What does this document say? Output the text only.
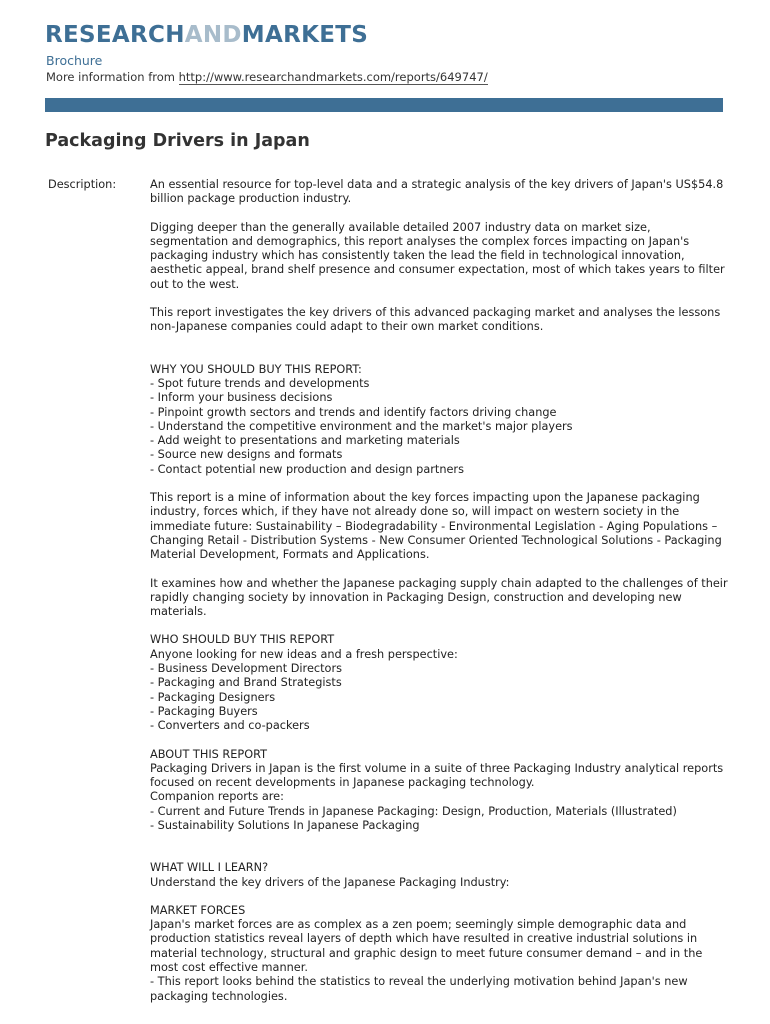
RESEARCHANDMARKETS
Brochure
More information from http://www.researchandmarkets.com/reports/649747/
Packaging Drivers in Japan
Description:	An essential resource for top-level data and a strategic analysis of the key drivers of Japan's US$54.8 billion package production industry.

Digging deeper than the generally available detailed 2007 industry data on market size, segmentation and demographics, this report analyses the complex forces impacting on Japan's packaging industry which has consistently taken the lead the field in technological innovation, aesthetic appeal, brand shelf presence and consumer expectation, most of which takes years to filter out to the west.

This report investigates the key drivers of this advanced packaging market and analyses the lessons non-Japanese companies could adapt to their own market conditions.

WHY YOU SHOULD BUY THIS REPORT:
- Spot future trends and developments
- Inform your business decisions
- Pinpoint growth sectors and trends and identify factors driving change
- Understand the competitive environment and the market's major players
- Add weight to presentations and marketing materials
- Source new designs and formats
- Contact potential new production and design partners

This report is a mine of information about the key forces impacting upon the Japanese packaging industry, forces which, if they have not already done so, will impact on western society in the immediate future: Sustainability – Biodegradability - Environmental Legislation - Aging Populations – Changing Retail - Distribution Systems - New Consumer Oriented Technological Solutions - Packaging Material Development, Formats and Applications.

It examines how and whether the Japanese packaging supply chain adapted to the challenges of their rapidly changing society by innovation in Packaging Design, construction and developing new materials.

WHO SHOULD BUY THIS REPORT
Anyone looking for new ideas and a fresh perspective:
- Business Development Directors
- Packaging and Brand Strategists
- Packaging Designers
- Packaging Buyers
- Converters and co-packers
ABOUT THIS REPORT

Packaging Drivers in Japan is the first volume in a suite of three Packaging Industry analytical reports focused on recent developments in Japanese packaging technology.

Companion reports are:
- Current and Future Trends in Japanese Packaging: Design, Production, Materials (Illustrated)
- Sustainability Solutions In Japanese Packaging
WHAT WILL I LEARN?
Understand the key drivers of the Japanese Packaging Industry:
MARKET FORCES

Japan's market forces are as complex as a zen poem; seemingly simple demographic data and production statistics reveal layers of depth which have resulted in creative industrial solutions in material technology, structural and graphic design to meet future consumer demand – and in the most cost effective manner.

- This report looks behind the statistics to reveal the underlying motivation behind Japan's new packaging technologies.
